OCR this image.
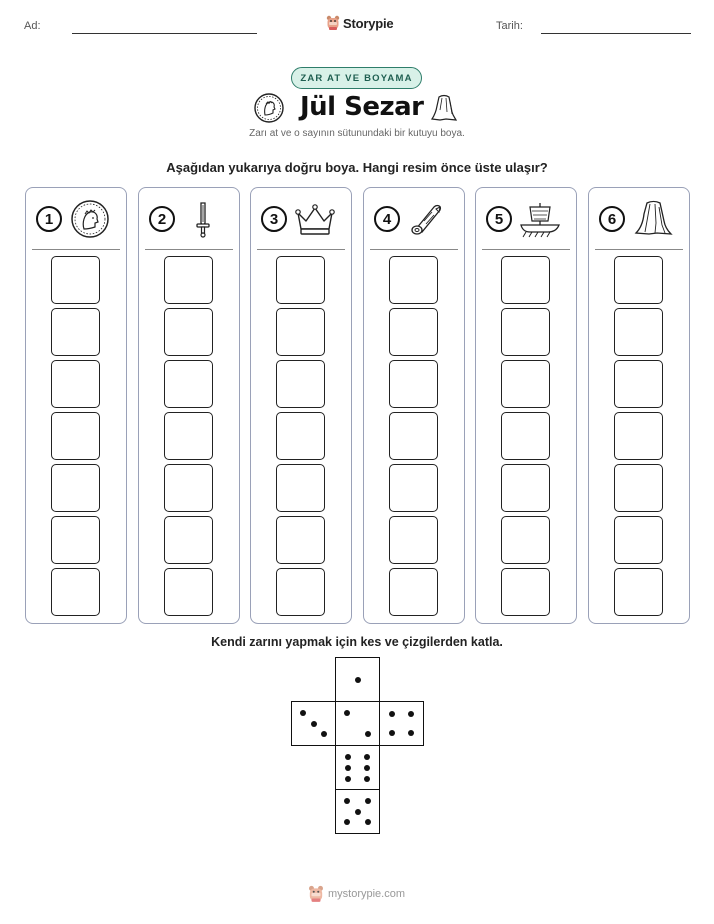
Ad:	Storypie	Tarih:
ZAR AT VE BOYAMA
Jül Sezar
Zarı at ve o sayının sütunundaki bir kutuyu boya.
Aşağıdan yukarıya doğru boya. Hangi resim önce üste ulaşır?
1	2	3	4	5	6
Kendi zarını yapmak için kes ve çizgilerden katla.
mystorypie.com
